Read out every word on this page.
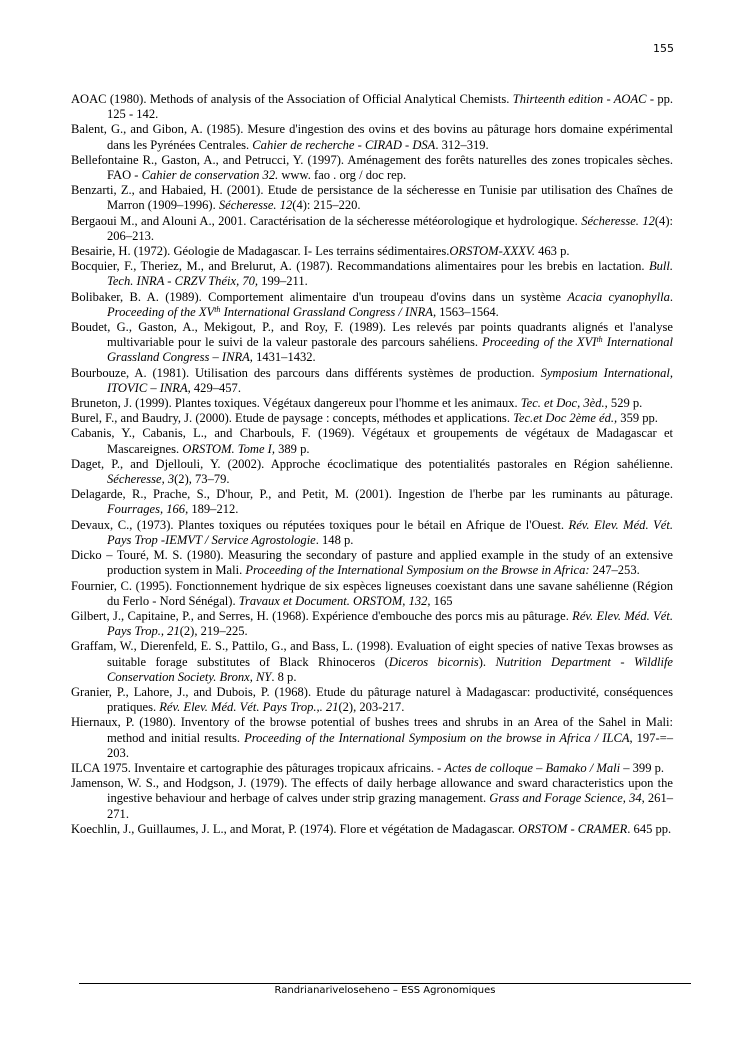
155

AOAC (1980). Methods of analysis of the Association of Official Analytical Chemists. Thirteenth edition - AOAC - pp. 125 - 142.

Balent, G., and Gibon, A. (1985). Mesure d'ingestion des ovins et des bovins au pâturage hors domaine expérimental dans les Pyrénées Centrales. Cahier de recherche - CIRAD - DSA. 312–319.

Bellefontaine R., Gaston, A., and Petrucci, Y. (1997). Aménagement des forêts naturelles des zones tropicales sèches. FAO - Cahier de conservation 32. www. fao . org / doc rep.

Benzarti, Z., and Habaied, H. (2001). Etude de persistance de la sécheresse en Tunisie par utilisation des Chaînes de Marron (1909–1996). Sécheresse. 12(4): 215–220.

Bergaoui M., and Alouni A., 2001. Caractérisation de la sécheresse météorologique et hydrologique. Sécheresse. 12(4): 206–213.

Besairie, H. (1972). Géologie de Madagascar. I- Les terrains sédimentaires.ORSTOM-XXXV. 463 p.

Bocquier, F., Theriez, M., and Brelurut, A. (1987). Recommandations alimentaires pour les brebis en lactation. Bull. Tech. INRA - CRZV Théix, 70, 199–211.

Bolibaker, B. A. (1989). Comportement alimentaire d'un troupeau d'ovins dans un système Acacia cyanophylla. Proceeding of the XVth International Grassland Congress / INRA, 1563–1564.

Boudet, G., Gaston, A., Mekigout, P., and Roy, F. (1989). Les relevés par points quadrants alignés et l'analyse multivariable pour le suivi de la valeur pastorale des parcours sahéliens. Proceeding of the XVIth International Grassland Congress – INRA, 1431–1432.

Bourbouze, A. (1981). Utilisation des parcours dans différents systèmes de production. Symposium International, ITOVIC – INRA, 429–457.

Bruneton, J. (1999). Plantes toxiques. Végétaux dangereux pour l'homme et les animaux. Tec. et Doc, 3èd., 529 p.

Burel, F., and Baudry, J. (2000). Etude de paysage : concepts, méthodes et applications. Tec.et Doc 2ème éd., 359 pp.

Cabanis, Y., Cabanis, L., and Charbouls, F. (1969). Végétaux et groupements de végétaux de Madagascar et Mascareignes. ORSTOM. Tome I, 389 p.

Daget, P., and Djellouli, Y. (2002). Approche écoclimatique des potentialités pastorales en Région sahélienne. Sécheresse, 3(2), 73–79.

Delagarde, R., Prache, S., D'hour, P., and Petit, M. (2001). Ingestion de l'herbe par les ruminants au pâturage. Fourrages, 166, 189–212.

Devaux, C., (1973). Plantes toxiques ou réputées toxiques pour le bétail en Afrique de l'Ouest. Rév. Elev. Méd. Vét. Pays Trop -IEMVT / Service Agrostologie. 148 p.

Dicko – Touré, M. S. (1980). Measuring the secondary of pasture and applied example in the study of an extensive production system in Mali. Proceeding of the International Symposium on the Browse in Africa: 247–253.

Fournier, C. (1995). Fonctionnement hydrique de six espèces ligneuses coexistant dans une savane sahélienne (Région du Ferlo - Nord Sénégal). Travaux et Document. ORSTOM, 132, 165

Gilbert, J., Capitaine, P., and Serres, H. (1968). Expérience d'embouche des porcs mis au pâturage. Rév. Elev. Méd. Vét. Pays Trop., 21(2), 219–225.

Graffam, W., Dierenfeld, E. S., Pattilo, G., and Bass, L. (1998). Evaluation of eight species of native Texas browses as suitable forage substitutes of Black Rhinoceros (Diceros bicornis). Nutrition Department - Wildlife Conservation Society. Bronx, NY. 8 p.

Granier, P., Lahore, J., and Dubois, P. (1968). Etude du pâturage naturel à Madagascar: productivité, conséquences pratiques. Rév. Elev. Méd. Vét. Pays Trop.,. 21(2), 203-217.

Hiernaux, P. (1980). Inventory of the browse potential of bushes trees and shrubs in an Area of the Sahel in Mali: method and initial results. Proceeding of the International Symposium on the browse in Africa / ILCA, 197-=–203.

ILCA 1975. Inventaire et cartographie des pâturages tropicaux africains. - Actes de colloque – Bamako / Mali – 399 p.

Jamenson, W. S., and Hodgson, J. (1979). The effects of daily herbage allowance and sward characteristics upon the ingestive behaviour and herbage of calves under strip grazing management. Grass and Forage Science, 34, 261–271.

Koechlin, J., Guillaumes, J. L., and Morat, P. (1974). Flore et végétation de Madagascar. ORSTOM - CRAMER. 645 pp.

Randrianariveloseheno – ESS Agronomiques
